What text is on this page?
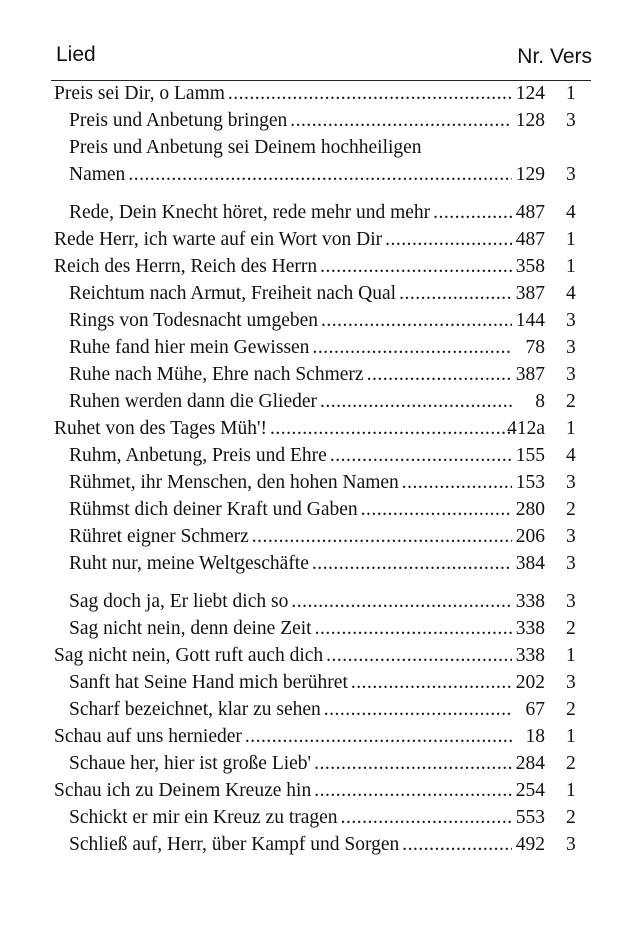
Lied	Nr. Vers
Preis sei Dir, o Lamm .....	124 1
Preis und Anbetung bringen .....	128 3
Preis und Anbetung sei Deinem hochheiligen
Namen .....	129 3
Rede, Dein Knecht höret, rede mehr und mehr .....	487 4
Rede Herr, ich warte auf ein Wort von Dir .....	487 1
Reich des Herrn, Reich des Herrn .....	358 1
Reichtum nach Armut, Freiheit nach Qual .....	387 4
Rings von Todesnacht umgeben .....	144 3
Ruhe fand hier mein Gewissen .....	78 3
Ruhe nach Mühe, Ehre nach Schmerz .....	387 3
Ruhen werden dann die Glieder .....	8 2
Ruhet von des Tages Müh'! .....	412a 1
Ruhm, Anbetung, Preis und Ehre .....	155 4
Rühmet, ihr Menschen, den hohen Namen .....	153 3
Rühmst dich deiner Kraft und Gaben .....	280 2
Rühret eigner Schmerz .....	206 3
Ruht nur, meine Weltgeschäfte .....	384 3
Sag doch ja, Er liebt dich so .....	338 3
Sag nicht nein, denn deine Zeit .....	338 2
Sag nicht nein, Gott ruft auch dich .....	338 1
Sanft hat Seine Hand mich berühret .....	202 3
Scharf bezeichnet, klar zu sehen .....	67 2
Schau auf uns hernieder .....	18 1
Schaue her, hier ist große Lieb' .....	284 2
Schau ich zu Deinem Kreuze hin .....	254 1
Schickt er mir ein Kreuz zu tragen .....	553 2
Schließ auf, Herr, über Kampf und Sorgen .....	492 3
